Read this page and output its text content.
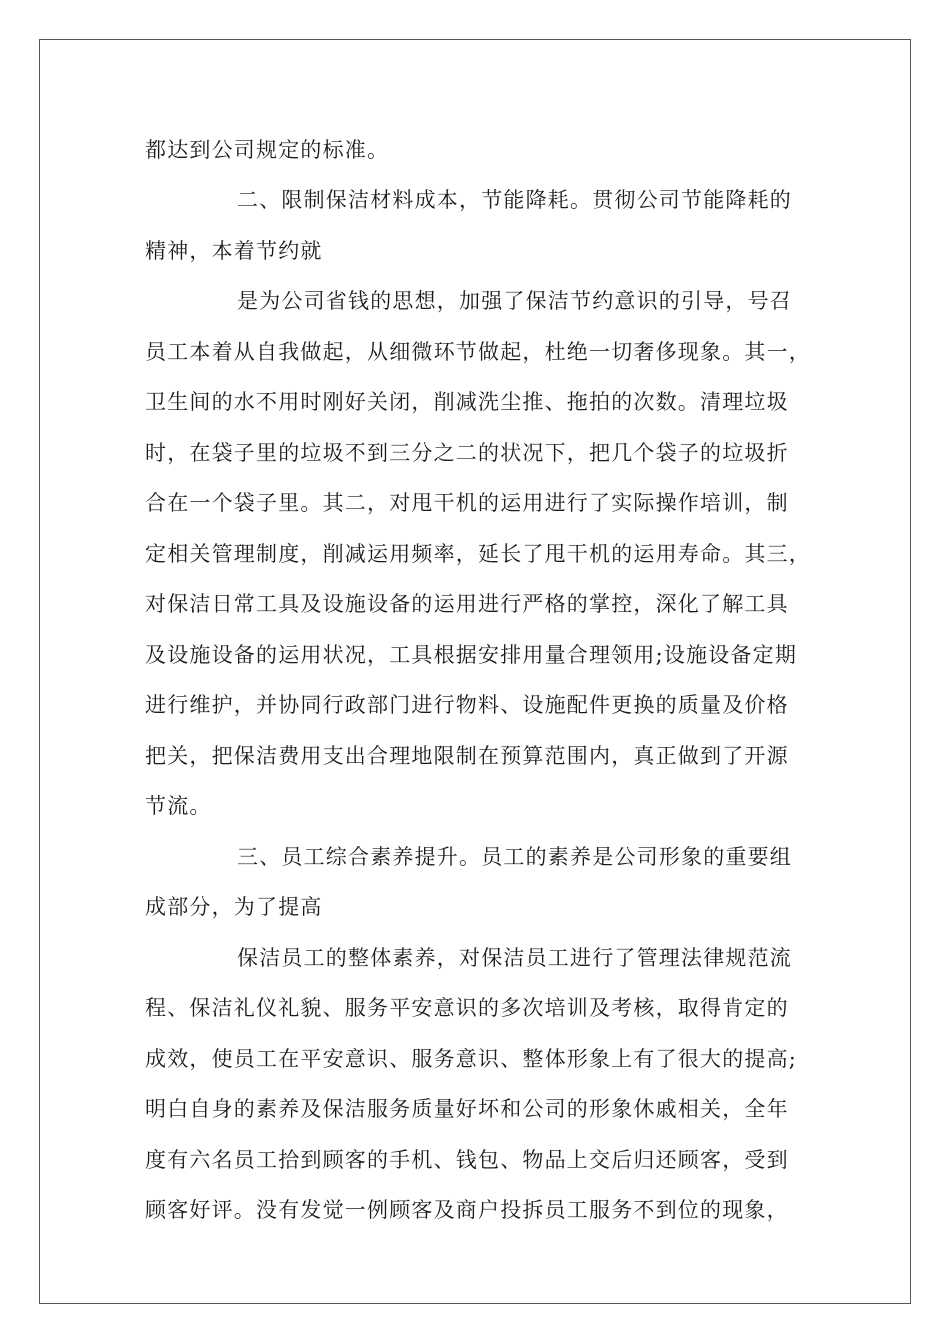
都达到公司规定的标准。
二、限制保洁材料成本，节能降耗。贯彻公司节能降耗的
精神，本着节约就
是为公司省钱的思想，加强了保洁节约意识的引导，号召
员工本着从自我做起，从细微环节做起，杜绝一切奢侈现象。其一，
卫生间的水不用时刚好关闭，削减洗尘推、拖拍的次数。清理垃圾
时，在袋子里的垃圾不到三分之二的状况下，把几个袋子的垃圾折
合在一个袋子里。其二，对甩干机的运用进行了实际操作培训，制
定相关管理制度，削减运用频率，延长了甩干机的运用寿命。其三，
对保洁日常工具及设施设备的运用进行严格的掌控，深化了解工具
及设施设备的运用状况，工具根据安排用量合理领用;设施设备定期
进行维护，并协同行政部门进行物料、设施配件更换的质量及价格
把关，把保洁费用支出合理地限制在预算范围内，真正做到了开源
节流。
三、员工综合素养提升。员工的素养是公司形象的重要组
成部分，为了提高
保洁员工的整体素养，对保洁员工进行了管理法律规范流
程、保洁礼仪礼貌、服务平安意识的多次培训及考核，取得肯定的
成效，使员工在平安意识、服务意识、整体形象上有了很大的提高;
明白自身的素养及保洁服务质量好坏和公司的形象休戚相关，全年
度有六名员工拾到顾客的手机、钱包、物品上交后归还顾客，受到
顾客好评。没有发觉一例顾客及商户投拆员工服务不到位的现象，
